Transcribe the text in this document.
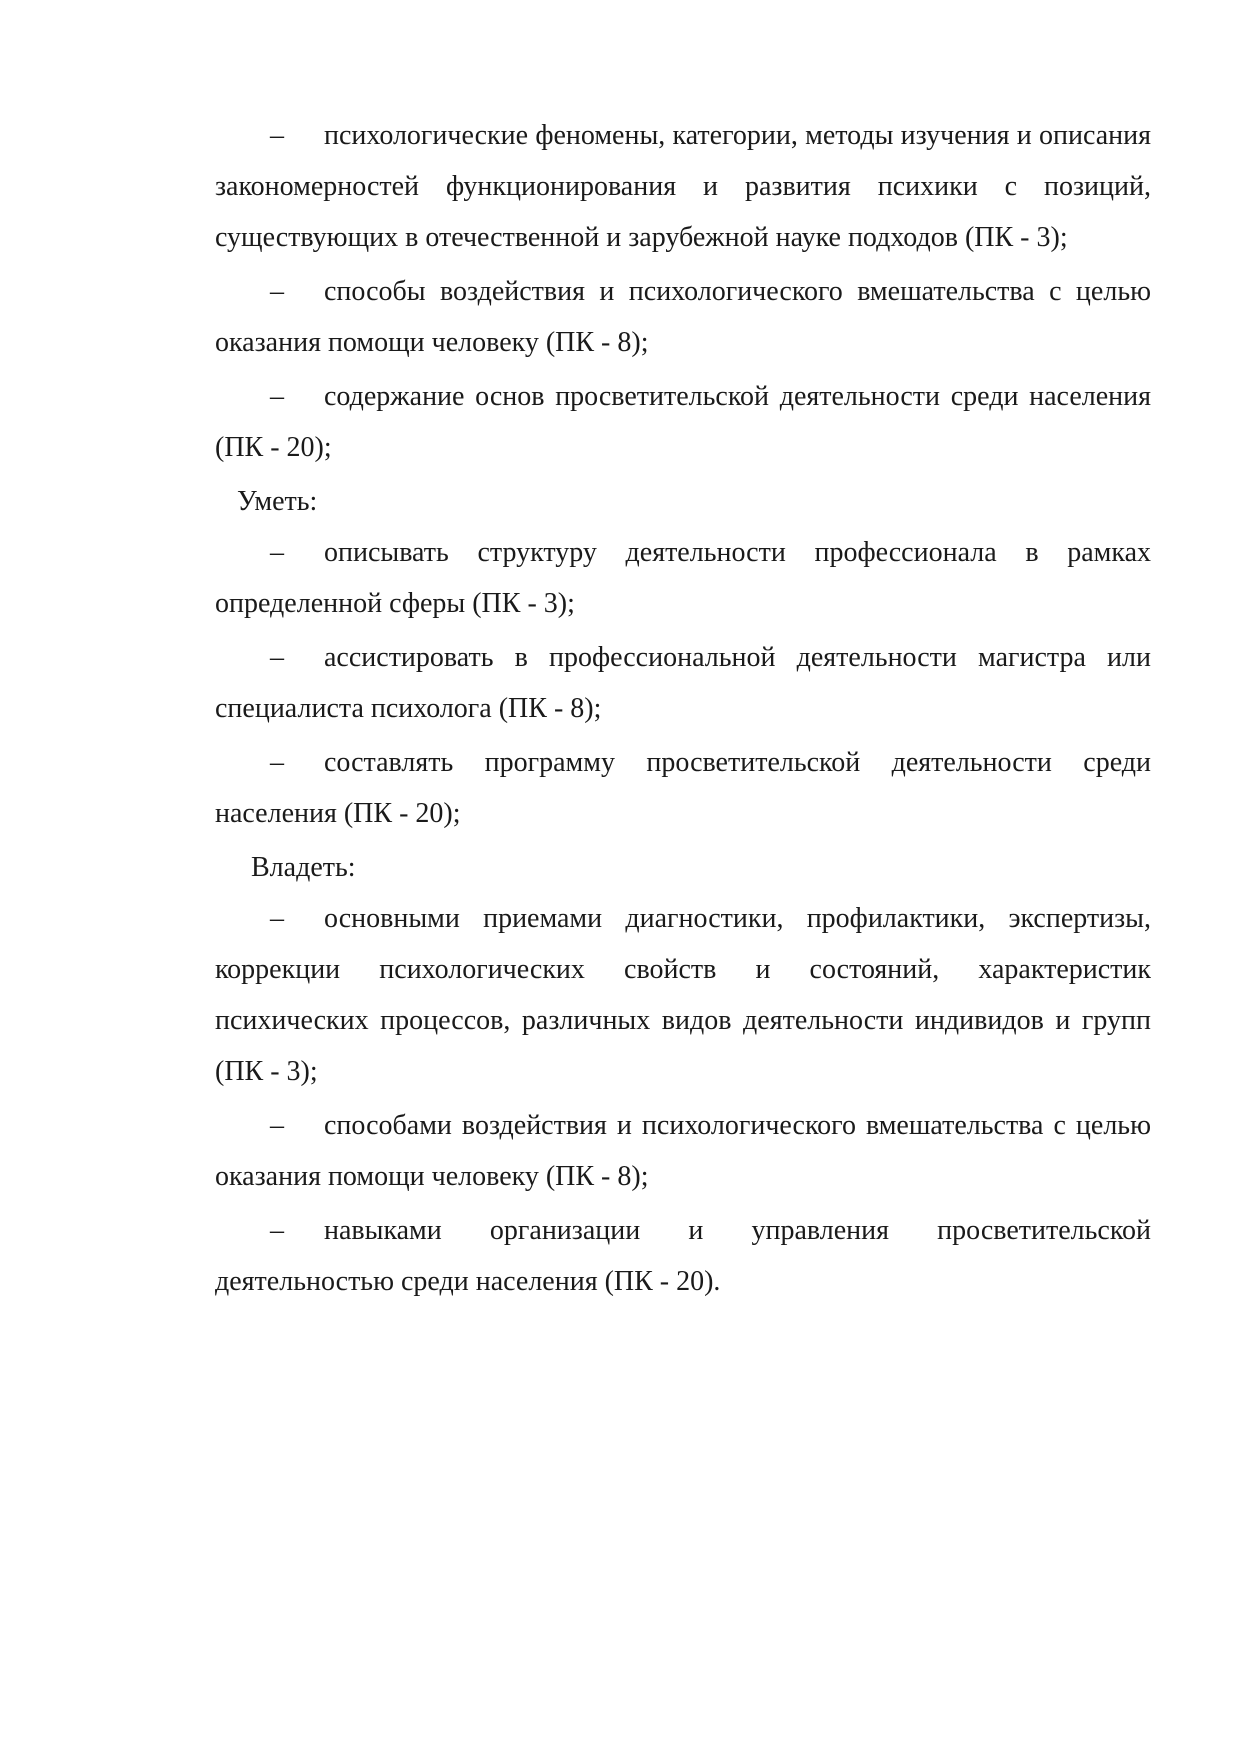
– психологические феномены, категории, методы изучения и описания закономерностей функционирования и развития психики с позиций, существующих в отечественной и зарубежной науке подходов (ПК - 3);

– способы воздействия и психологического вмешательства с целью оказания помощи человеку (ПК - 8);

– содержание основ просветительской деятельности среди населения (ПК - 20);

Уметь:

– описывать структуру деятельности профессионала в рамках определенной сферы (ПК - 3);

– ассистировать в профессиональной деятельности магистра или специалиста психолога (ПК - 8);

– составлять программу просветительской деятельности среди населения (ПК - 20);

Владеть:

– основными приемами диагностики, профилактики, экспертизы, коррекции психологических свойств и состояний, характеристик психических процессов, различных видов деятельности индивидов и групп (ПК - 3);

– способами воздействия и психологического вмешательства с целью оказания помощи человеку (ПК - 8);

– навыками организации и управления просветительской деятельностью среди населения (ПК - 20).
